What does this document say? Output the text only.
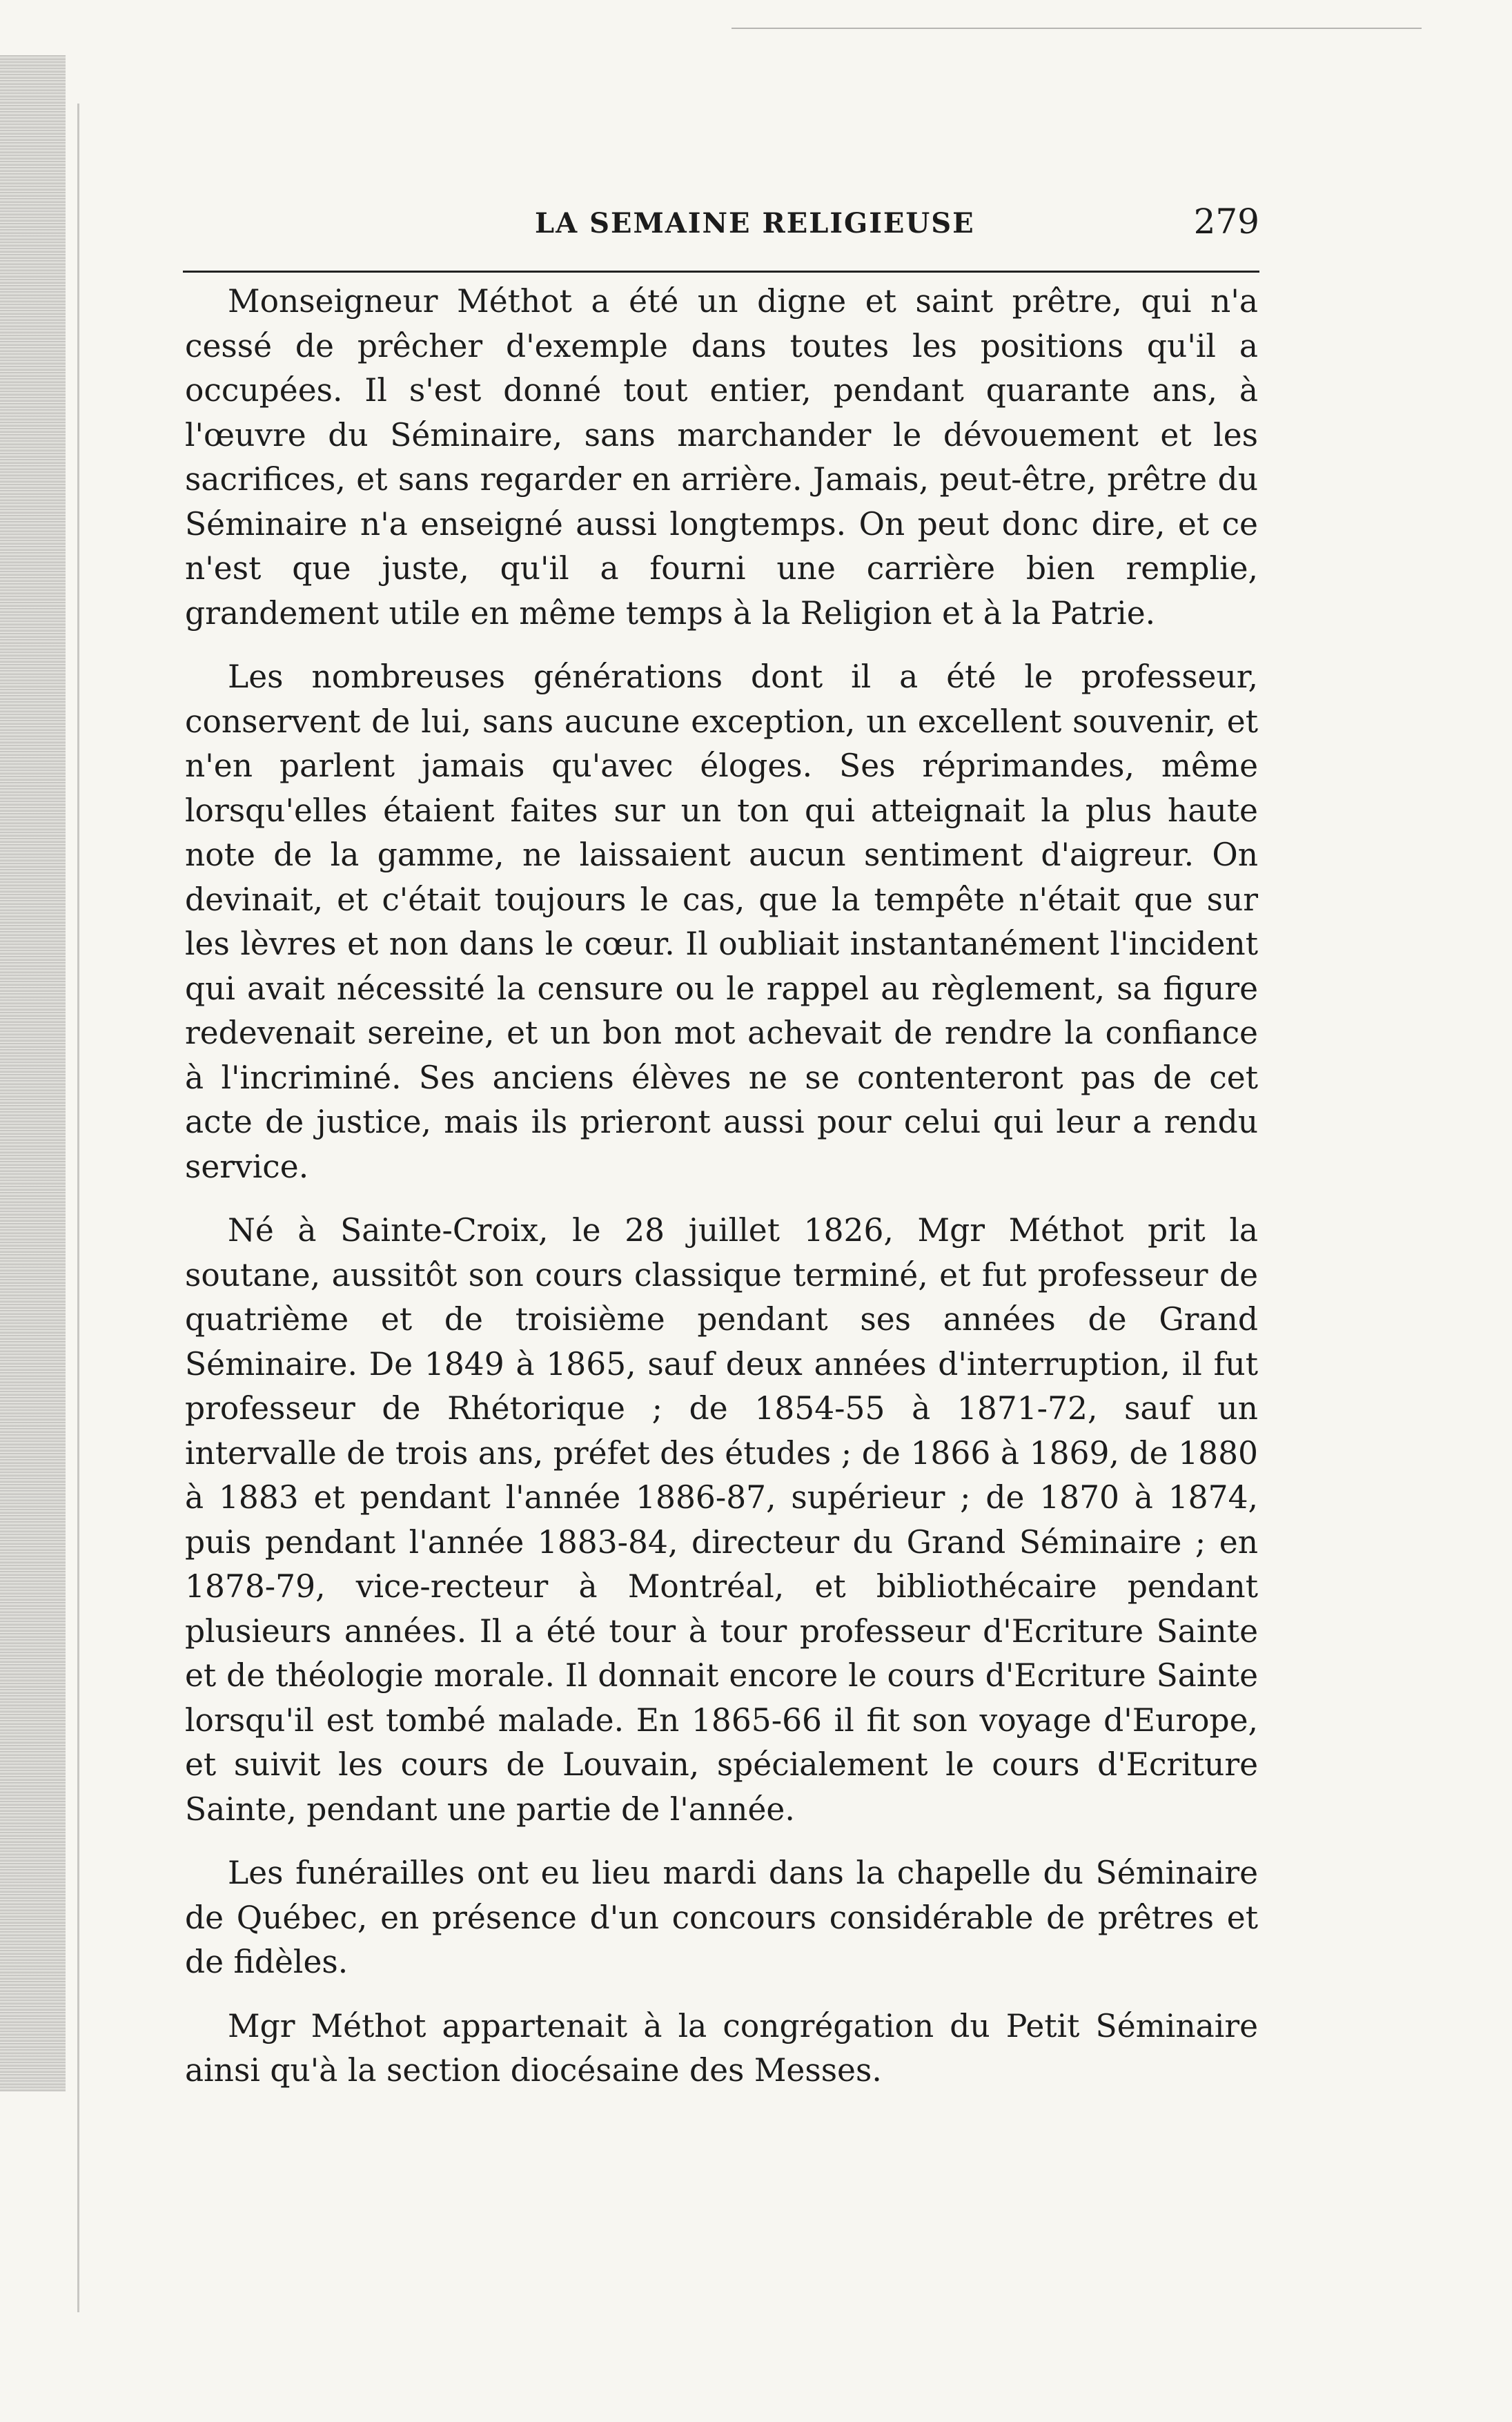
LA SEMAINE RELIGIEUSE	279

Monseigneur Méthot a été un digne et saint prêtre, qui n'a cessé de prêcher d'exemple dans toutes les positions qu'il a occupées. Il s'est donné tout entier, pendant quarante ans, à l'œuvre du Séminaire, sans marchander le dévouement et les sacrifices, et sans regarder en arrière. Jamais, peut-être, prêtre du Séminaire n'a enseigné aussi longtemps. On peut donc dire, et ce n'est que juste, qu'il a fourni une carrière bien remplie, grandement utile en même temps à la Religion et à la Patrie.

Les nombreuses générations dont il a été le professeur, conservent de lui, sans aucune exception, un excellent souvenir, et n'en parlent jamais qu'avec éloges. Ses réprimandes, même lorsqu'elles étaient faites sur un ton qui atteignait la plus haute note de la gamme, ne laissaient aucun sentiment d'aigreur. On devinait, et c'était toujours le cas, que la tempête n'était que sur les lèvres et non dans le cœur. Il oubliait instantanément l'incident qui avait nécessité la censure ou le rappel au règlement, sa figure redevenait sereine, et un bon mot achevait de rendre la confiance à l'incriminé. Ses anciens élèves ne se contenteront pas de cet acte de justice, mais ils prieront aussi pour celui qui leur a rendu service.

Né à Sainte-Croix, le 28 juillet 1826, Mgr Méthot prit la soutane, aussitôt son cours classique terminé, et fut professeur de quatrième et de troisième pendant ses années de Grand Séminaire. De 1849 à 1865, sauf deux années d'interruption, il fut professeur de Rhétorique ; de 1854-55 à 1871-72, sauf un intervalle de trois ans, préfet des études ; de 1866 à 1869, de 1880 à 1883 et pendant l'année 1886-87, supérieur ; de 1870 à 1874, puis pendant l'année 1883-84, directeur du Grand Séminaire ; en 1878-79, vice-recteur à Montréal, et bibliothécaire pendant plusieurs années. Il a été tour à tour professeur d'Ecriture Sainte et de théologie morale. Il donnait encore le cours d'Ecriture Sainte lorsqu'il est tombé malade. En 1865-66 il fit son voyage d'Europe, et suivit les cours de Louvain, spécialement le cours d'Ecriture Sainte, pendant une partie de l'année.

Les funérailles ont eu lieu mardi dans la chapelle du Séminaire de Québec, en présence d'un concours considérable de prêtres et de fidèles.

Mgr Méthot appartenait à la congrégation du Petit Séminaire ainsi qu'à la section diocésaine des Messes.
